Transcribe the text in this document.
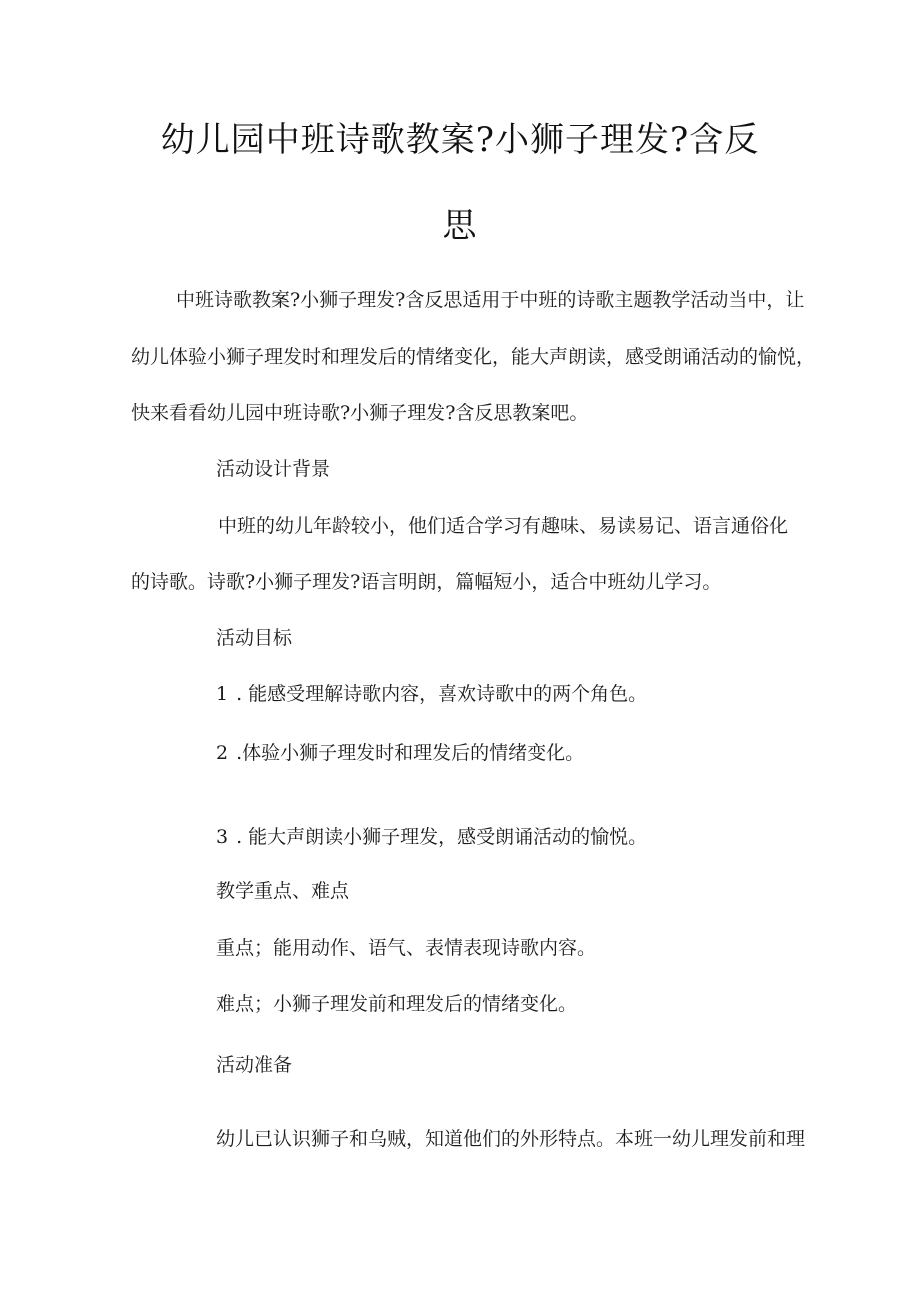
幼儿园中班诗歌教案?小狮子理发?含反
思
中班诗歌教案?小狮子理发?含反思适用于中班的诗歌主题教学活动当中，让
幼儿体验小狮子理发时和理发后的情绪变化，能大声朗读，感受朗诵活动的愉悦，
快来看看幼儿园中班诗歌?小狮子理发?含反思教案吧。
活动设计背景
中班的幼儿年龄较小，他们适合学习有趣味、易读易记、语言通俗化
的诗歌。诗歌?小狮子理发?语言明朗，篇幅短小，适合中班幼儿学习。
活动目标
1 . 能感受理解诗歌内容，喜欢诗歌中的两个角色。
2 .体验小狮子理发时和理发后的情绪变化。
3 . 能大声朗读小狮子理发，感受朗诵活动的愉悦。
教学重点、难点
重点；能用动作、语气、表情表现诗歌内容。
难点；小狮子理发前和理发后的情绪变化。
活动准备
幼儿已认识狮子和乌贼，知道他们的外形特点。本班一幼儿理发前和理
